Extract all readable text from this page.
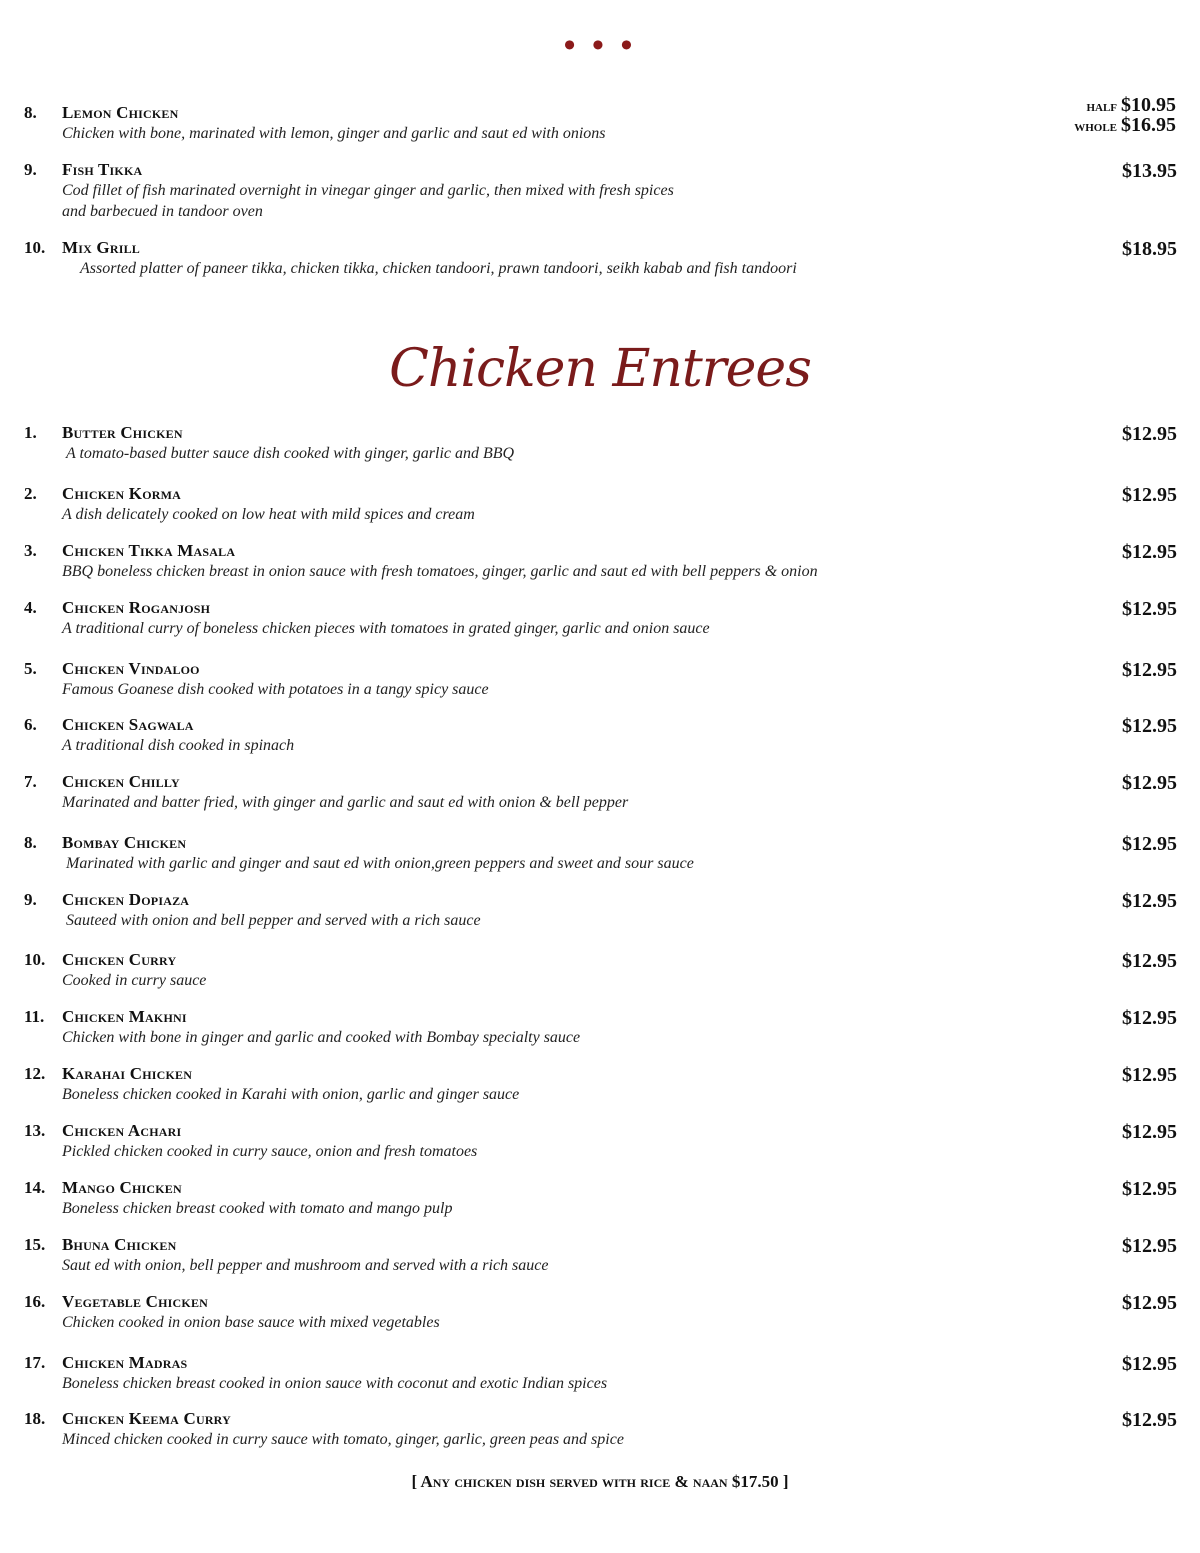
• • •
8. Lemon Chicken
Chicken with bone, marinated with lemon, ginger and garlic and saut ed with onions
half $10.95
whole $16.95
9. Fish Tikka
Cod fillet of fish marinated overnight in vinegar ginger and garlic, then mixed with fresh spices
and barbecued in tandoor oven
$13.95
10. Mix Grill
Assorted platter of paneer tikka, chicken tikka, chicken tandoori, prawn tandoori, seikh kabab and fish tandoori
$18.95
Chicken Entrees
1. Butter Chicken
A tomato-based butter sauce dish cooked with ginger, garlic and BBQ
$12.95
2. Chicken Korma
A dish delicately cooked on low heat with mild spices and cream
$12.95
3. Chicken Tikka Masala
BBQ boneless chicken breast in onion sauce with fresh tomatoes, ginger, garlic and saut ed with bell peppers & onion
$12.95
4. Chicken Roganjosh
A traditional curry of boneless chicken pieces with tomatoes in grated ginger, garlic and onion sauce
$12.95
5. Chicken Vindaloo
Famous Goanese dish cooked with potatoes in a tangy spicy sauce
$12.95
6. Chicken Sagwala
A traditional dish cooked in spinach
$12.95
7. Chicken Chilly
Marinated and batter fried, with ginger and garlic and saut ed with onion & bell pepper
$12.95
8. Bombay Chicken
Marinated with garlic and ginger and saut ed with onion,green peppers and sweet and sour sauce
$12.95
9. Chicken Dopiaza
Sauteed with onion and bell pepper and served with a rich sauce
$12.95
10. Chicken Curry
Cooked in curry sauce
$12.95
11. Chicken Makhni
Chicken with bone in ginger and garlic and cooked with Bombay specialty sauce
$12.95
12. Karahai Chicken
Boneless chicken cooked in Karahi with onion, garlic and ginger sauce
$12.95
13. Chicken Achari
Pickled chicken cooked in curry sauce, onion and fresh tomatoes
$12.95
14. Mango Chicken
Boneless chicken breast cooked with tomato and mango pulp
$12.95
15. Bhuna Chicken
Saut ed with onion, bell pepper and mushroom and served with a rich sauce
$12.95
16. Vegetable Chicken
Chicken cooked in onion base sauce with mixed vegetables
$12.95
17. Chicken Madras
Boneless chicken breast cooked in onion sauce with coconut and exotic Indian spices
$12.95
18. Chicken Keema Curry
Minced chicken cooked in curry sauce with tomato, ginger, garlic, green peas and spice
$12.95
[ Any chicken dish served with rice & naan $17.50 ]
